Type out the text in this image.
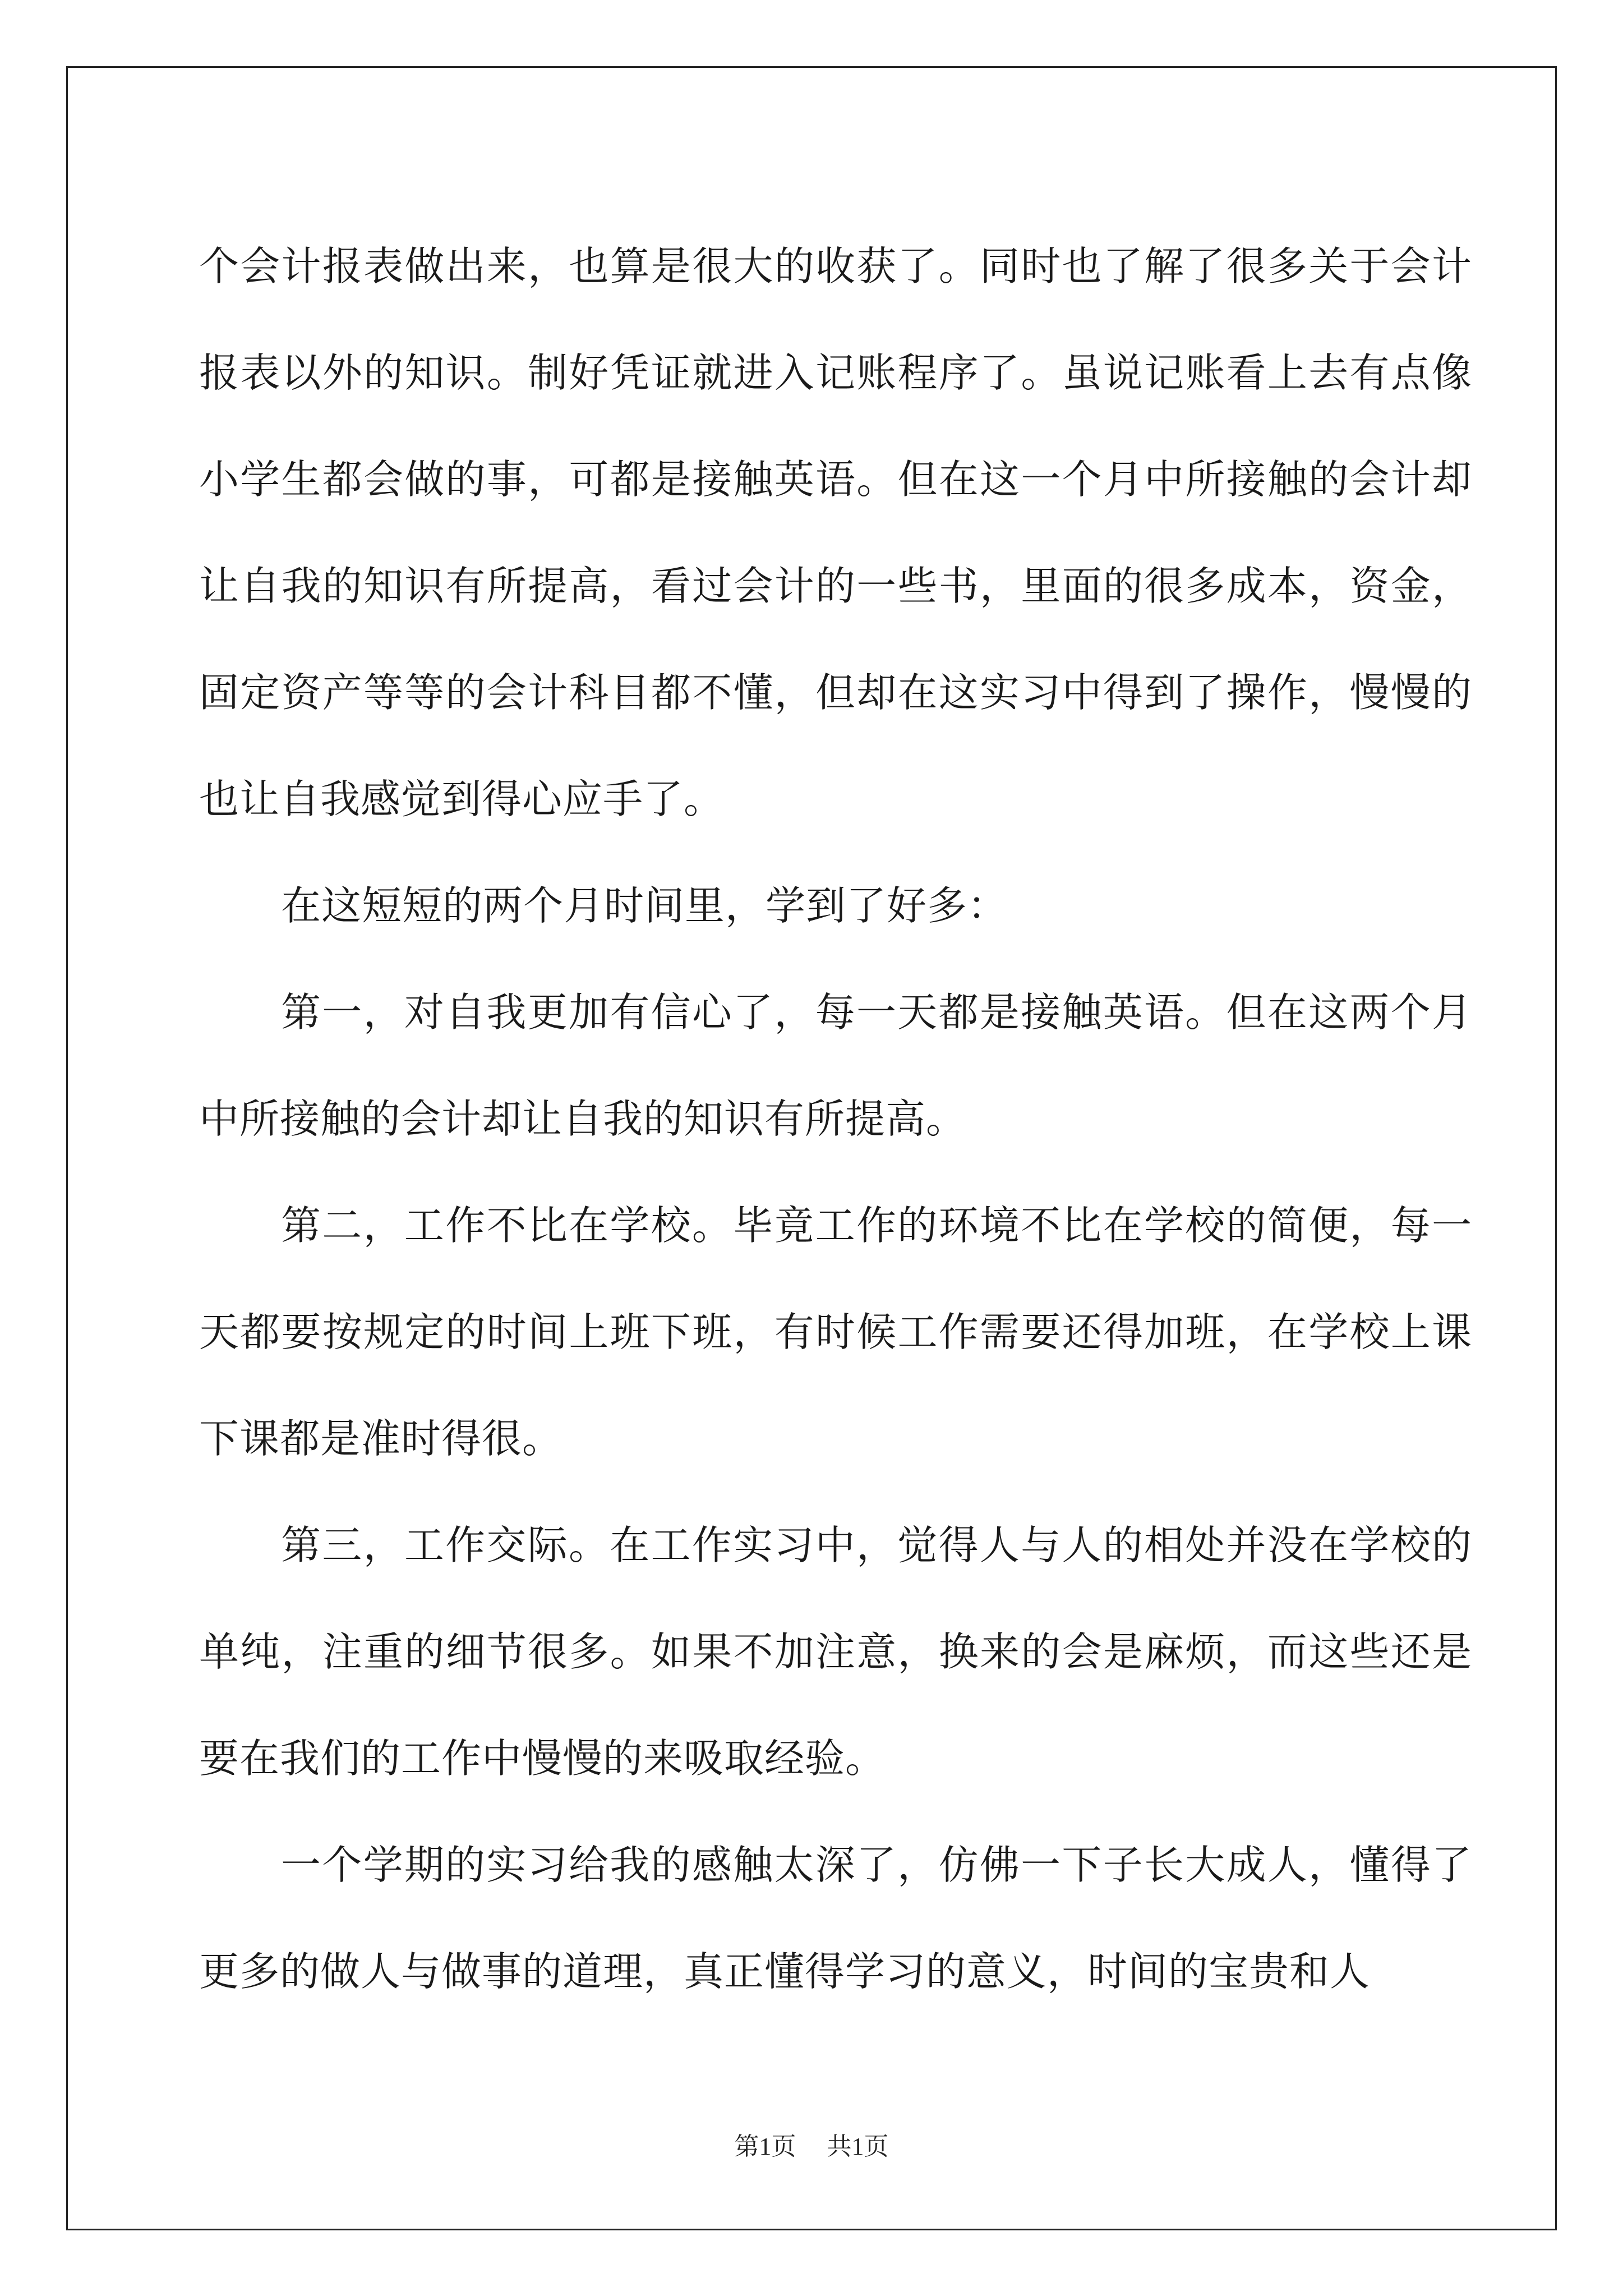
个会计报表做出来，也算是很大的收获了。同时也了解了很多关于会计报表以外的知识。制好凭证就进入记账程序了。虽说记账看上去有点像小学生都会做的事，可都是接触英语。但在这一个月中所接触的会计却让自我的知识有所提高，看过会计的一些书，里面的很多成本，资金，固定资产等等的会计科目都不懂，但却在这实习中得到了操作，慢慢的也让自我感觉到得心应手了。

在这短短的两个月时间里，学到了好多：

第一，对自我更加有信心了，每一天都是接触英语。但在这两个月中所接触的会计却让自我的知识有所提高。

第二，工作不比在学校。毕竟工作的环境不比在学校的简便，每一天都要按规定的时间上班下班，有时候工作需要还得加班，在学校上课下课都是准时得很。

第三，工作交际。在工作实习中，觉得人与人的相处并没在学校的单纯，注重的细节很多。如果不加注意，换来的会是麻烦，而这些还是要在我们的工作中慢慢的来吸取经验。

一个学期的实习给我的感触太深了，仿佛一下子长大成人，懂得了更多的做人与做事的道理，真正懂得学习的意义，时间的宝贵和人

第1页 共1页
